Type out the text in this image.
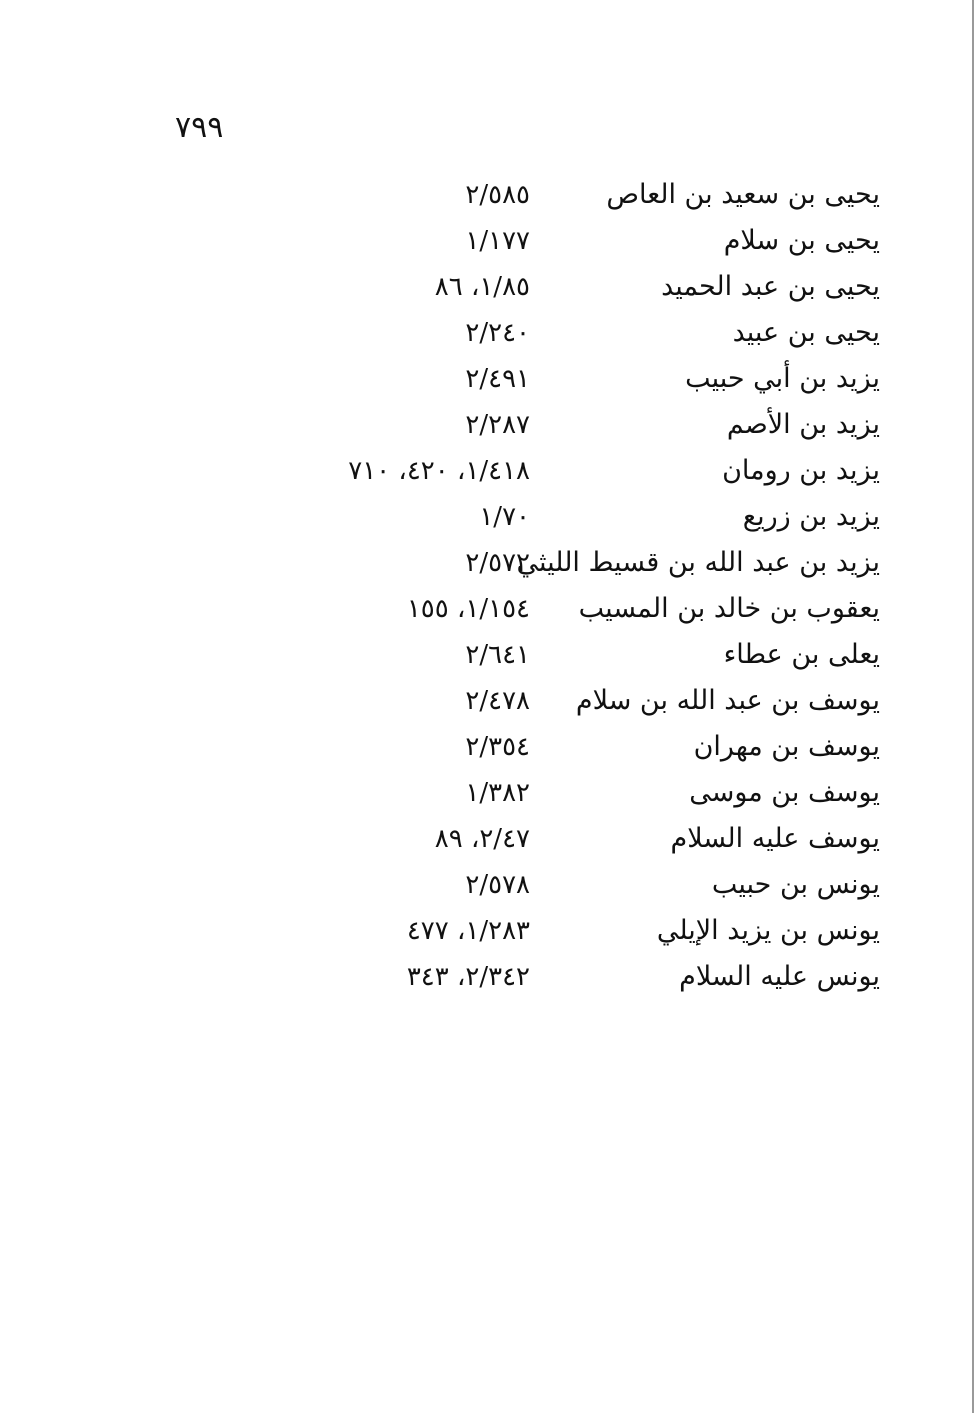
٧٩٩
يحيى بن سعيد بن العاص
٢/٥٨٥
يحيى بن سلام
١/١٧٧
يحيى بن عبد الحميد
١/٨٥، ٨٦
يحيى بن عبيد
٢/٢٤٠
يزيد بن أبي حبيب
٢/٤٩١
يزيد بن الأصم
٢/٢٨٧
يزيد بن رومان
١/٤١٨، ٤٢٠، ٧١٠
يزيد بن زريع
١/٧٠
يزيد بن عبد الله بن قسيط الليثي
٢/٥٧٢
يعقوب بن خالد بن المسيب
١/١٥٤، ١٥٥
يعلى بن عطاء
٢/٦٤١
يوسف بن عبد الله بن سلام
٢/٤٧٨
يوسف بن مهران
٢/٣٥٤
يوسف بن موسى
١/٣٨٢
يوسف عليه السلام
٢/٤٧، ٨٩
يونس بن حبيب
٢/٥٧٨
يونس بن يزيد الإيلي
١/٢٨٣، ٤٧٧
يونس عليه السلام
٢/٣٤٢، ٣٤٣
